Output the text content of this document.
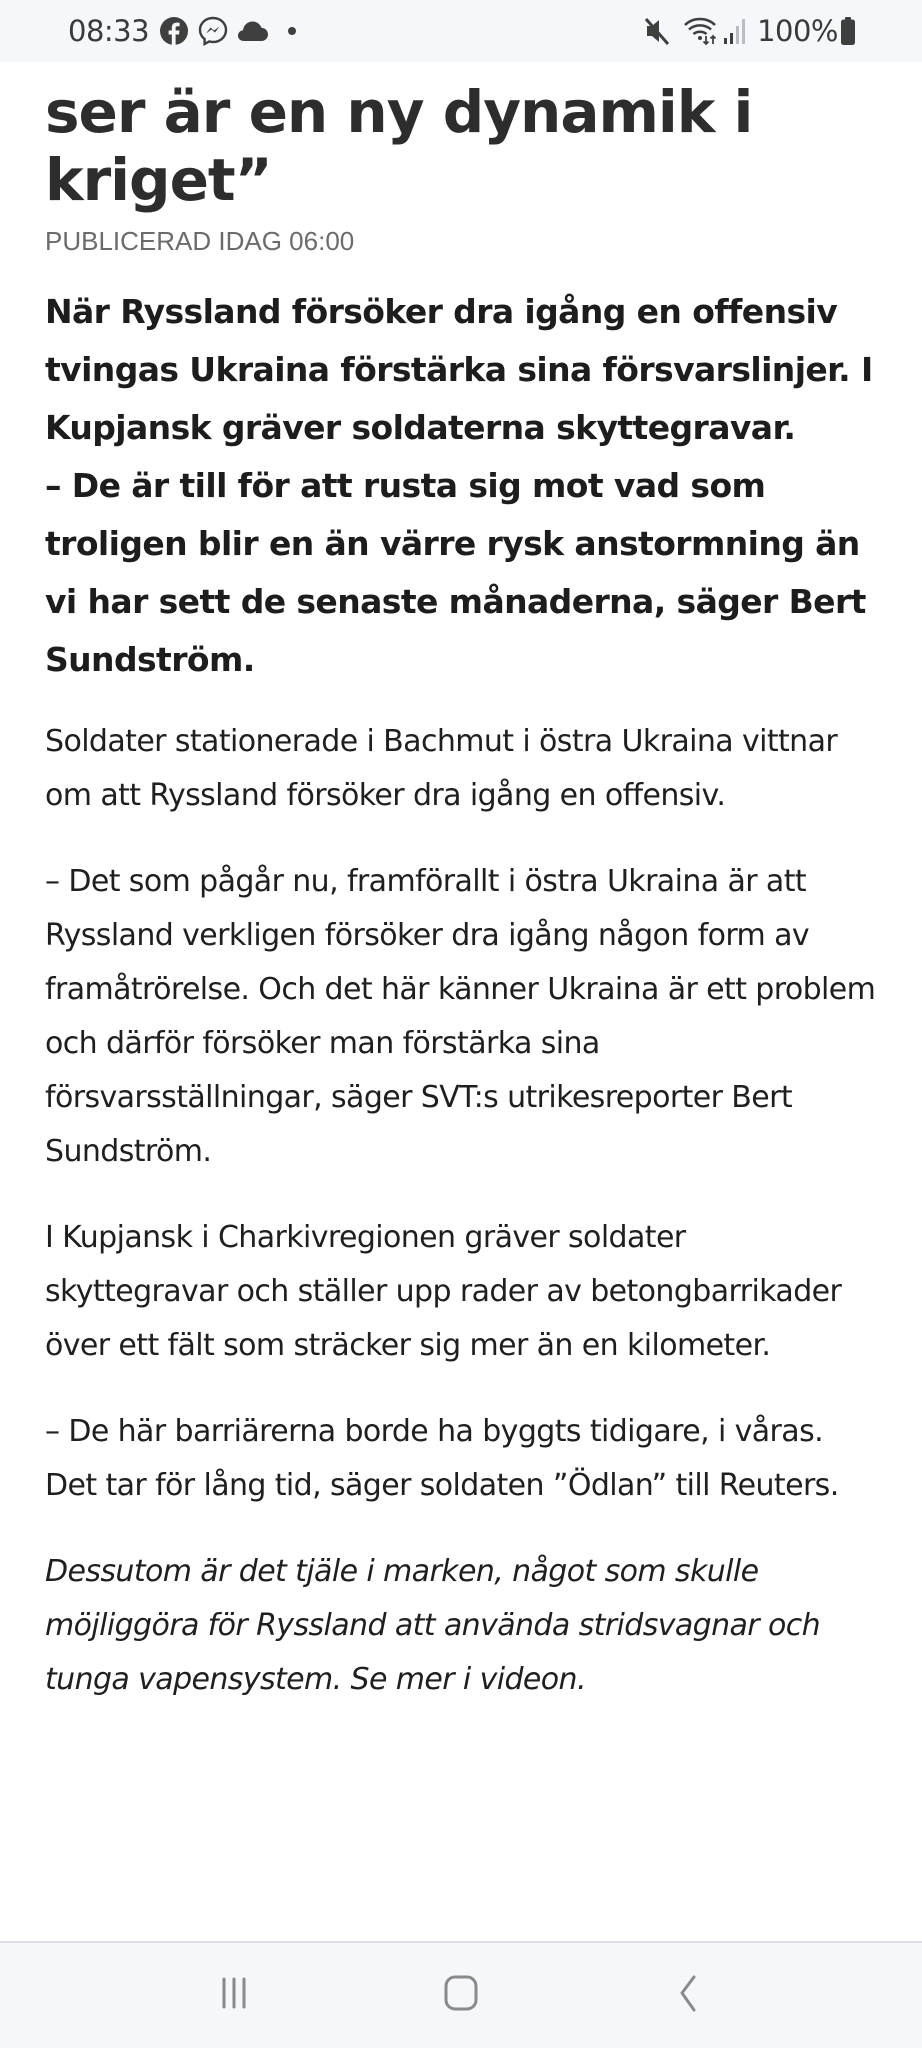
08:33	100%
ser är en ny dynamik i kriget”
PUBLICERAD IDAG 06:00

När Ryssland försöker dra igång en offensiv tvingas Ukraina förstärka sina försvarslinjer. I Kupjansk gräver soldaterna skyttegravar.

– De är till för att rusta sig mot vad som troligen blir en än värre rysk anstormning än vi har sett de senaste månaderna, säger Bert Sundström.

Soldater stationerade i Bachmut i östra Ukraina vittnar om att Ryssland försöker dra igång en offensiv.

– Det som pågår nu, framförallt i östra Ukraina är att Ryssland verkligen försöker dra igång någon form av framåtrörelse. Och det här känner Ukraina är ett problem och därför försöker man förstärka sina försvarsställningar, säger SVT:s utrikesreporter Bert Sundström.

I Kupjansk i Charkivregionen gräver soldater skyttegravar och ställer upp rader av betongbarrikader över ett fält som sträcker sig mer än en kilometer.

– De här barriärerna borde ha byggts tidigare, i våras. Det tar för lång tid, säger soldaten ”Ödlan” till Reuters.

Dessutom är det tjäle i marken, något som skulle möjliggöra för Ryssland att använda stridsvagnar och tunga vapensystem. Se mer i videon.
